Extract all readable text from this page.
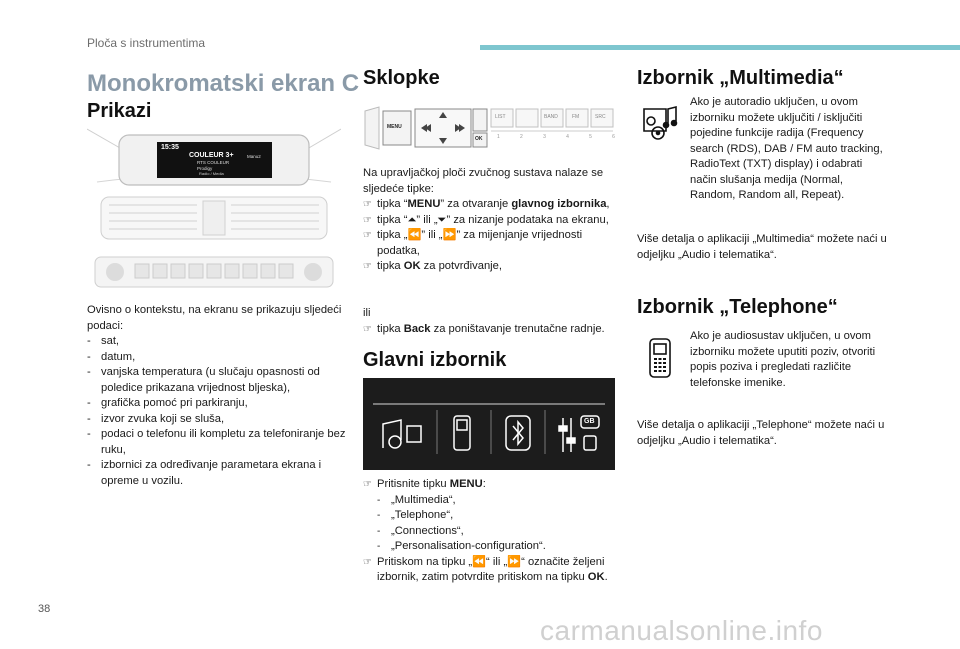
Ploča s instrumentima
38
carmanualsonline.info
Monokromatski ekran C
Prikazi
15:35
COULEUR 3+
RTS COULEUR
Manu2
Prodigy
Radio / Media

Ovisno o kontekstu, na ekranu se prikazuju sljedeći podaci:

- sat,
- datum,
- vanjska temperatura (u slučaju opasnosti od poledice prikazana vrijednost bljeska),
- grafička pomoć pri parkiranju,
- izvor zvuka koji se sluša,
- podaci o telefonu ili kompletu za telefoniranje bez ruku,
- izbornici za određivanje parametara ekrana i opreme u vozilu.
Sklopke
MENU
OK
LIST	BAND	FM	SRC
1	2	3	4	5	6

Na upravljačkoj ploči zvučnog sustava nalaze se sljedeće tipke:

☞ tipka “MENU” za otvaranje glavnog izbornika,
☞ tipka “⏶” ili „⏷” za nizanje podataka na ekranu,
☞ tipka „⏪” ili „⏩” za mijenjanje vrijednosti podatka,
☞ tipka OK za potvrđivanje,

ili

☞ tipka Back za poništavanje trenutačne radnje.
Glavni izbornik
GB
☞ Pritisnite tipku MENU:
- „Multimedia“,
- „Telephone“,
- „Connections“,
- „Personalisation-configuration“.
☞ Pritiskom na tipku „⏪“ ili „⏩“ označite željeni izbornik, zatim potvrdite pritiskom na tipku OK.
Izbornik „Multimedia“

Ako je autoradio uključen, u ovom izborniku možete uključiti / isključiti pojedine funkcije radija (Frequency search (RDS), DAB / FM auto tracking, RadioText (TXT) display) i odabrati način slušanja medija (Normal, Random, Random all, Repeat).

Više detalja o aplikaciji „Multimedia“ možete naći u odjeljku „Audio i telematika“.

Izbornik „Telephone“

Ako je audiosustav uključen, u ovom izborniku možete uputiti poziv, otvoriti popis poziva i pregledati različite telefonske imenike.

Više detalja o aplikaciji „Telephone“ možete naći u odjeljku „Audio i telematika“.
